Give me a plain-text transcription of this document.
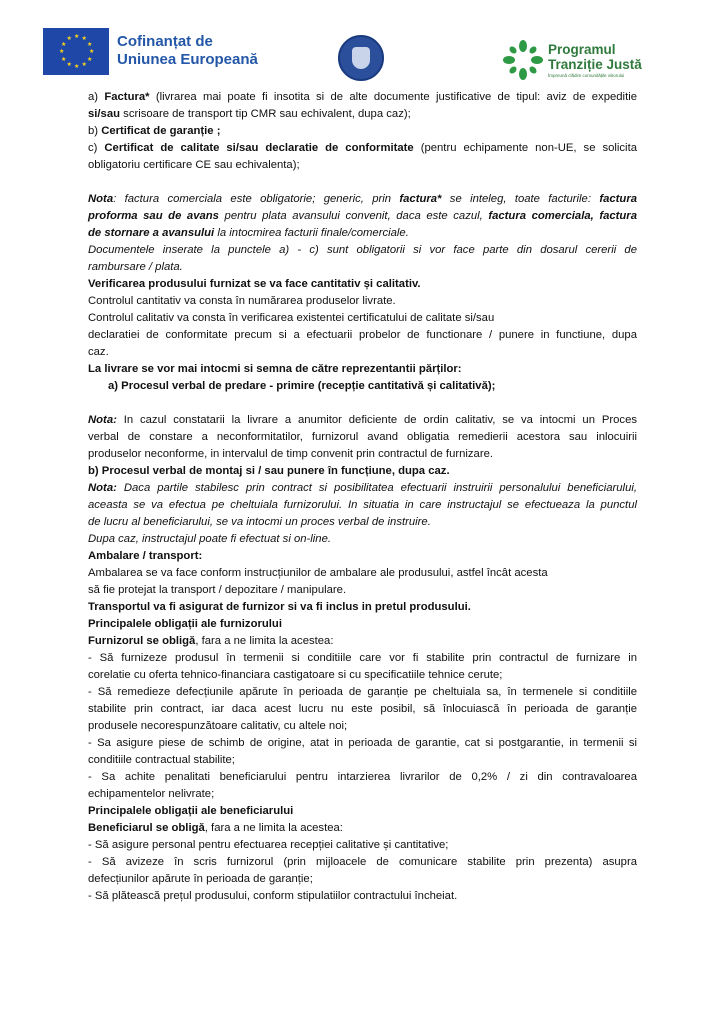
★
★
★
★
★
★
★
★
★ ★ ★
★ Cofinanțat de
Uniunea Europeană
Programul
Tranziție Justă
Împreună clădim comunitățile viitorului
a) Factura* (livrarea mai poate fi insotita si de alte documente justificative de tipul: aviz de expeditie
si/sau scrisoare de transport tip CMR sau echivalent, dupa caz);
b) Certificat de garanție ;
c) Certificat de calitate si/sau declaratie de conformitate (pentru echipamente non-UE, se solicita
obligatoriu certificare CE sau echivalenta);
Nota: factura comerciala este obligatorie; generic, prin factura* se inteleg, toate facturile: factura
proforma sau de avans pentru plata avansului convenit, daca este cazul, factura comerciala, factura
de stornare a avansului la intocmirea facturii finale/comerciale.
Documentele inserate la punctele a) - c) sunt obligatorii si vor face parte din dosarul cererii de
rambursare / plata.
Verificarea produsului furnizat se va face cantitativ și calitativ.
Controlul cantitativ va consta în numărarea produselor livrate.
Controlul calitativ va consta în verificarea existentei certificatului de calitate si/sau
declaratiei de conformitate precum si a efectuarii probelor de functionare / punere in functiune, dupa
caz.
La livrare se vor mai intocmi si semna de către reprezentantii părților:
a) Procesul verbal de predare - primire (recepție cantitativă și calitativă);
Nota: In cazul constatarii la livrare a anumitor deficiente de ordin calitativ, se va intocmi un Proces
verbal de constare a neconformitatilor, furnizorul avand obligatia remedierii acestora sau inlocuirii
produselor neconforme, in intervalul de timp convenit prin contractul de furnizare.
b) Procesul verbal de montaj si / sau punere în funcțiune, dupa caz.
Nota: Daca partile stabilesc prin contract si posibilitatea efectuarii instruirii personalului beneficiarului,
aceasta se va efectua pe cheltuiala furnizorului. In situatia in care instructajul se efectueaza la punctul
de lucru al beneficiarului, se va intocmi un proces verbal de instruire.
Dupa caz, instructajul poate fi efectuat si on-line.
Ambalare / transport:
Ambalarea se va face conform instrucțiunilor de ambalare ale produsului, astfel încât acesta
să fie protejat la transport / depozitare / manipulare.
Transportul va fi asigurat de furnizor si va fi inclus in pretul produsului.
Principalele obligații ale furnizorului
Furnizorul se obligă, fara a ne limita la acestea:
- Să furnizeze produsul în termenii si conditiile care vor fi stabilite prin contractul de furnizare in
corelatie cu oferta tehnico-financiara castigatoare si cu specificatiile tehnice cerute;
- Să remedieze defecțiunile apărute în perioada de garanție pe cheltuiala sa, în termenele si conditiile
stabilite prin contract, iar daca acest lucru nu este posibil, să înlocuiască în perioada de garanție
produsele necorespunzătoare calitativ, cu altele noi;
- Sa asigure piese de schimb de origine, atat in perioada de garantie, cat si postgarantie, in termenii si
conditiile contractual stabilite;
- Sa achite penalitati beneficiarului pentru intarzierea livrarilor de 0,2% / zi din contravaloarea
echipamentelor nelivrate;
Principalele obligații ale beneficiarului
Beneficiarul se obligă, fara a ne limita la acestea:
- Să asigure personal pentru efectuarea recepției calitative și cantitative;
- Să avizeze în scris furnizorul (prin mijloacele de comunicare stabilite prin prezenta) asupra
defecțiunilor apărute în perioada de garanție;
- Să plătească prețul produsului, conform stipulatiilor contractului încheiat.
